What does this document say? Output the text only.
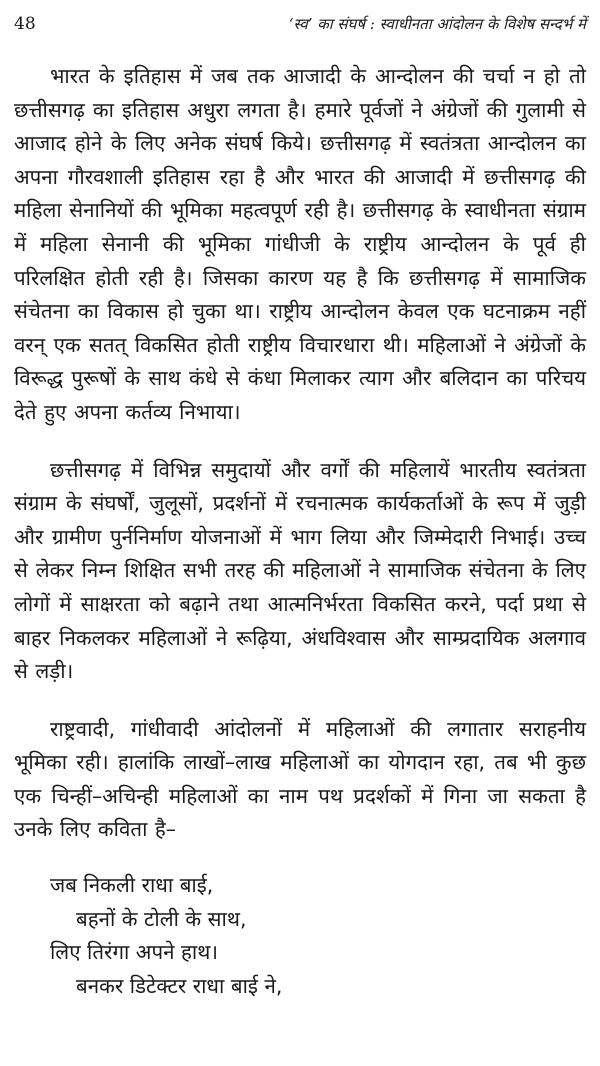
48	‘स्व’ का संघर्ष : स्वाधीनता आंदोलन के विशेष सन्दर्भ में

भारत के इतिहास में जब तक आजादी के आन्दोलन की चर्चा न हो तो छत्तीसगढ़ का इतिहास अधुरा लगता है। हमारे पूर्वजों ने अंग्रेजों की गुलामी से आजाद होने के लिए अनेक संघर्ष किये। छत्तीसगढ़ में स्वतंत्रता आन्दोलन का अपना गौरवशाली इतिहास रहा है और भारत की आजादी में छत्तीसगढ़ की महिला सेनानियों की भूमिका महत्वपूर्ण रही है। छत्तीसगढ़ के स्वाधीनता संग्राम में महिला सेनानी की भूमिका गांधीजी के राष्ट्रीय आन्दोलन के पूर्व ही परिलक्षित होती रही है। जिसका कारण यह है कि छत्तीसगढ़ में सामाजिक संचेतना का विकास हो चुका था। राष्ट्रीय आन्दोलन केवल एक घटनाक्रम नहीं वरन् एक सतत् विकसित होती राष्ट्रीय विचारधारा थी। महिलाओं ने अंग्रेजों के विरूद्ध पुरूषों के साथ कंधे से कंधा मिलाकर त्याग और बलिदान का परिचय देते हुए अपना कर्तव्य निभाया।

छत्तीसगढ़ में विभिन्न समुदायों और वर्गों की महिलायें भारतीय स्वतंत्रता संग्राम के संघर्षों, जुलूसों, प्रदर्शनों में रचनात्मक कार्यकर्ताओं के रूप में जुड़ी और ग्रामीण पुर्ननिर्माण योजनाओं में भाग लिया और जिम्मेदारी निभाई। उच्च से लेकर निम्न शिक्षित सभी तरह की महिलाओं ने सामाजिक संचेतना के लिए लोगों में साक्षरता को बढ़ाने तथा आत्मनिर्भरता विकसित करने, पर्दा प्रथा से बाहर निकलकर महिलाओं ने रूढ़िया, अंधविश्वास और साम्प्रदायिक अलगाव से लड़ी।

राष्ट्रवादी, गांधीवादी आंदोलनों में महिलाओं की लगातार सराहनीय भूमिका रही। हालांकि लाखों–लाख महिलाओं का योगदान रहा, तब भी कुछ एक चिन्हीं–अचिन्ही महिलाओं का नाम पथ प्रदर्शकों में गिना जा सकता है उनके लिए कविता है–

जब निकली राधा बाई,
बहनों के टोली के साथ,
लिए तिरंगा अपने हाथ।
बनकर डिटेक्टर राधा बाई ने,
